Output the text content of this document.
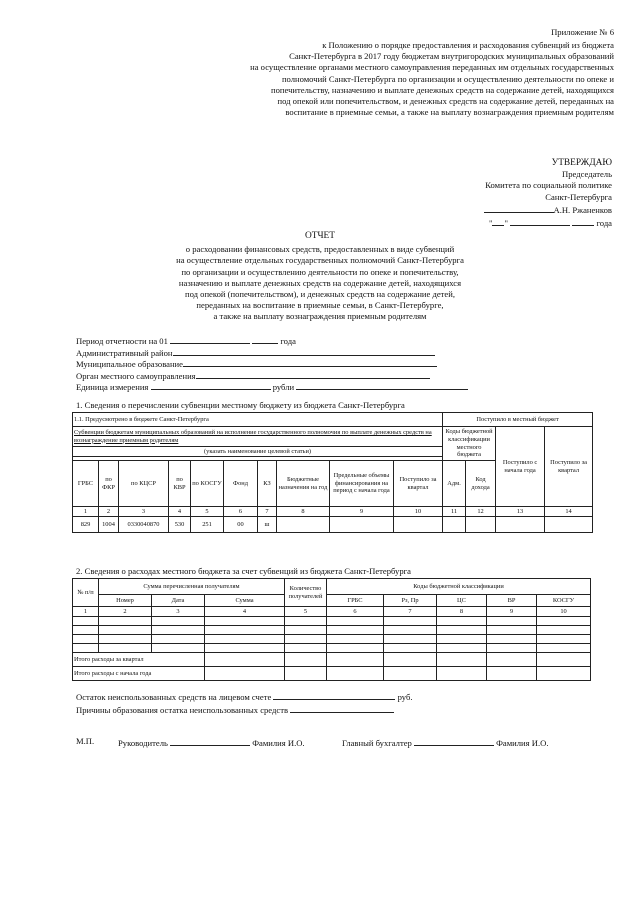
Приложение № 6
к Положению о порядке предоставления и расходования субвенций из бюджета
Санкт-Петербурга в 2017 году бюджетам внутригородских муниципальных образований
на осуществление органами местного самоуправления переданных им отдельных государственных
полномочий Санкт-Петербурга по организации и осуществлению деятельности по опеке и
попечительству, назначению и выплате денежных средств на содержание детей, находящихся
под опекой или попечительством, и денежных средств на содержание детей, переданных на
воспитание в приемные семьи, а также на выплату вознаграждения приемным родителям
УТВЕРЖДАЮ
Председатель
Комитета по социальной политике
Санкт-Петербурга
А.Н. Ржаненков
" "	года
ОТЧЕТ
о расходовании финансовых средств, предоставленных в виде субвенций
на осуществление отдельных государственных полномочий Санкт-Петербурга
по организации и осуществлению деятельности по опеке и попечительству,
назначению и выплате денежных средств на содержание детей, находящихся
под опекой (попечительством), и денежных средств на содержание детей,
переданных на воспитание в приемные семьи, в Санкт-Петербурге,
а также на выплату вознаграждения приемным родителям
Период отчетности на 01	года
Административный район
Муниципальное образование
Орган местного самоуправления
Единица измерения	рубли
1. Сведения о перечислении субвенции местному бюджету из бюджета Санкт-Петербурга
1.1. Предусмотрено в бюджете Санкт-Петербурга										Поступило в местный бюджет			

Субвенции бюджетам муниципальных образований на исполнение государственного полномочия по выплате денежных средств на вознаграждение приемным родителям										Коды бюджетной классификации местного бюджета		Поступило с начала года	Поступило за квартал
(указать наименование целевой статьи)													

ГРБС	по ФКР	по КЦСР	по КВР	по КОСГУ	Фонд	КЗ	Бюджетные назначения на год	Предельные объемы финансирования на период с начала года	Поступило за квартал	Адм.	Код дохода		
1	2	3	4	5	6	7	8	9	10	11	12	13	14
829	1004	0330040870	530	251	00	ш							
2. Сведения о расходах местного бюджета за счет субвенций из бюджета Санкт-Петербурга
№ п/п	Сумма перечисленная получателям			Количество получателей	Коды бюджетной классификации				
	Номер	Дата	Сумма		ГРБС	Рз, Пр	ЦС	ВР	КОСГУ
1	2	3	4	5	6	7	8	9	10

Итого расходы за квартал									
Итого расходы с начала года									
Остаток неиспользованных средств на лицевом счете	руб.
Причины образования остатка неиспользованных средств
М.П.	Руководитель	Фамилия И.О.	Главный бухгалтер	Фамилия И.О.
